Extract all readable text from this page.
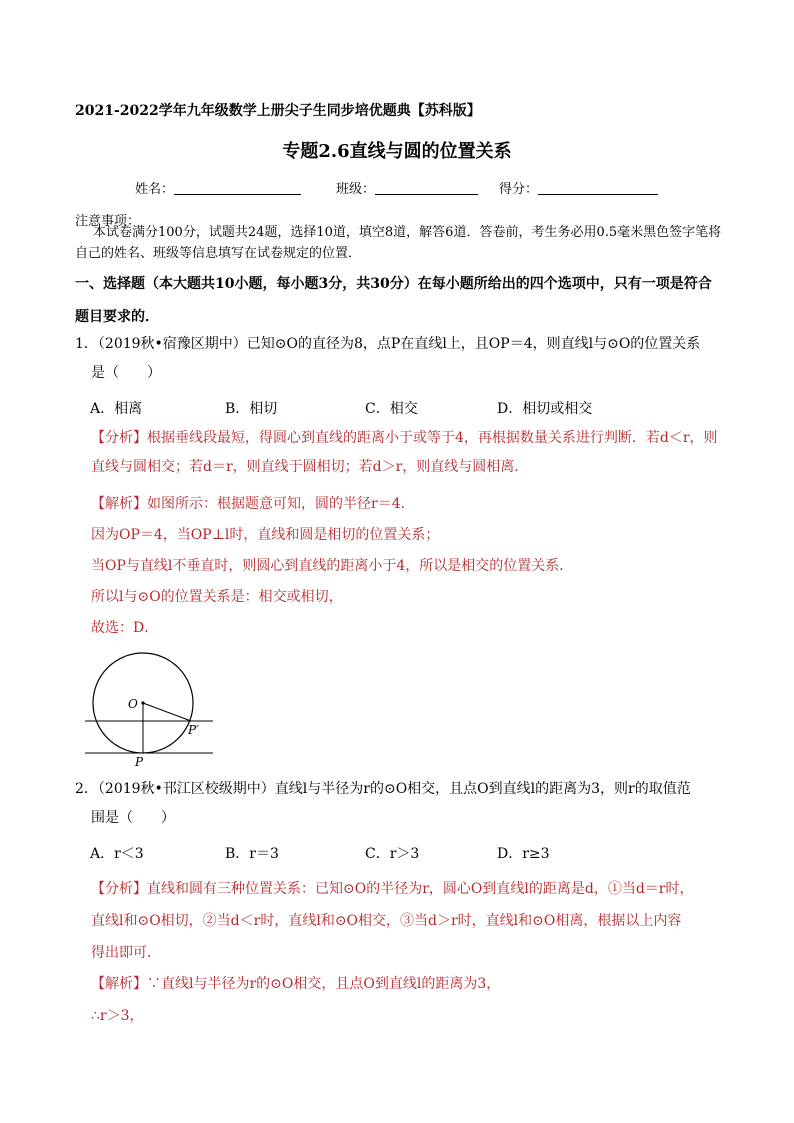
2021-2022学年九年级数学上册尖子生同步培优题典【苏科版】
专题2.6直线与圆的位置关系
姓名：	班级：	得分：
注意事项：
本试卷满分100分，试题共24题，选择10道，填空8道，解答6道．答卷前，考生务必用0.5毫米黑色签字笔将自己的姓名、班级等信息填写在试卷规定的位置．
一、选择题（本大题共10小题，每小题3分，共30分）在每小题所给出的四个选项中，只有一项是符合题目要求的．
1．（2019秋•宿豫区期中）已知⊙O的直径为8，点P在直线l上，且OP＝4，则直线l与⊙O的位置关系
是（　　）
A．相离	B．相切	C．相交	D．相切或相交
【分析】根据垂线段最短，得圆心到直线的距离小于或等于4，再根据数量关系进行判断．若d＜r，则
直线与圆相交；若d＝r，则直线于圆相切；若d＞r，则直线与圆相离．
【解析】如图所示：根据题意可知，圆的半径r＝4．
因为OP＝4，当OP⊥l时，直线和圆是相切的位置关系；
当OP与直线l不垂直时，则圆心到直线的距离小于4，所以是相交的位置关系．
所以l与⊙O的位置关系是：相交或相切，
故选：D．
O
P
P′
2．（2019秋•邗江区校级期中）直线l与半径为r的⊙O相交，且点O到直线l的距离为3，则r的取值范
围是（　　）
A．r＜3	B．r＝3	C．r＞3	D．r≥3
【分析】直线和圆有三种位置关系：已知⊙O的半径为r，圆心O到直线l的距离是d，①当d＝r时，
直线l和⊙O相切，②当d＜r时，直线l和⊙O相交，③当d＞r时，直线l和⊙O相离，根据以上内容
得出即可．
【解析】∵直线l与半径为r的⊙O相交，且点O到直线l的距离为3，
∴r＞3，
